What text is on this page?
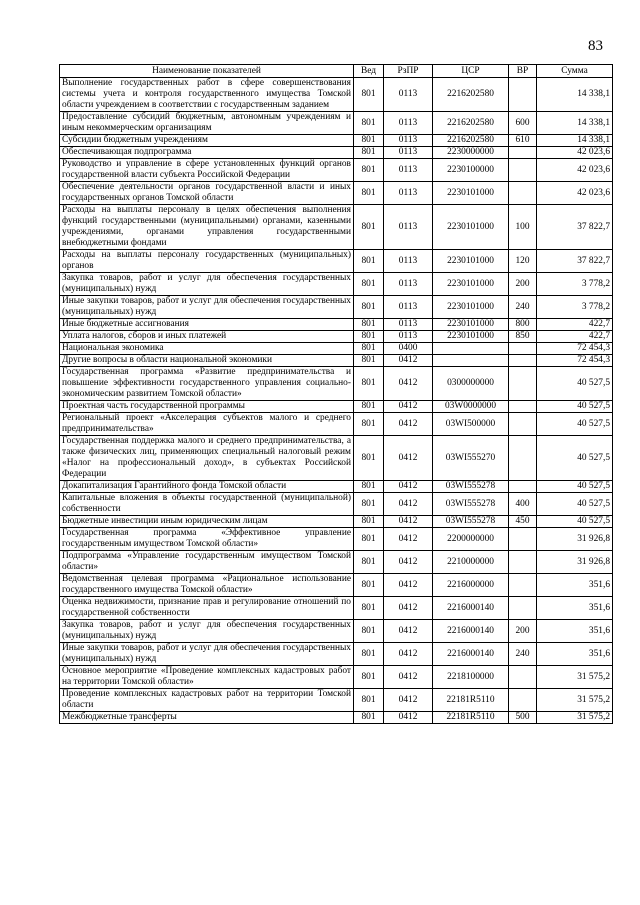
83
Наименование показателей	Вед	РзПР	ЦСР	ВР	Сумма
Выполнение государственных работ в сфере совершенствования системы учета и контроля государственного имущества Томской области учреждением в соответствии с государственным заданием	801	0113	2216202580		14 338,1
Предоставление субсидий бюджетным, автономным учреждениям и иным некоммерческим организациям	801	0113	2216202580	600	14 338,1
Субсидии бюджетным учреждениям	801	0113	2216202580	610	14 338,1
Обеспечивающая подпрограмма	801	0113	2230000000		42 023,6
Руководство и управление в сфере установленных функций органов государственной власти субъекта Российской Федерации	801	0113	2230100000		42 023,6
Обеспечение деятельности органов государственной власти и иных государственных органов Томской области	801	0113	2230101000		42 023,6
Расходы на выплаты персоналу в целях обеспечения выполнения функций государственными (муниципальными) органами, казенными учреждениями, органами управления государственными внебюджетными фондами	801	0113	2230101000	100	37 822,7
Расходы на выплаты персоналу государственных (муниципальных) органов	801	0113	2230101000	120	37 822,7
Закупка товаров, работ и услуг для обеспечения государственных (муниципальных) нужд	801	0113	2230101000	200	3 778,2
Иные закупки товаров, работ и услуг для обеспечения государственных (муниципальных) нужд	801	0113	2230101000	240	3 778,2
Иные бюджетные ассигнования	801	0113	2230101000	800	422,7
Уплата налогов, сборов и иных платежей	801	0113	2230101000	850	422,7
Национальная экономика	801	0400			72 454,3
Другие вопросы в области национальной экономики	801	0412			72 454,3
Государственная программа «Развитие предпринимательства и повышение эффективности государственного управления социально-экономическим развитием Томской области»	801	0412	0300000000		40 527,5
Проектная часть государственной программы	801	0412	03W0000000		40 527,5
Региональный проект «Акселерация субъектов малого и среднего предпринимательства»	801	0412	03WI500000		40 527,5
Государственная поддержка малого и среднего предпринимательства, а также физических лиц, применяющих специальный налоговый режим «Налог на профессиональный доход», в субъектах Российской Федерации	801	0412	03WI555270		40 527,5
Докапитализация Гарантийного фонда Томской области	801	0412	03WI555278		40 527,5
Капитальные вложения в объекты государственной (муниципальной) собственности	801	0412	03WI555278	400	40 527,5
Бюджетные инвестиции иным юридическим лицам	801	0412	03WI555278	450	40 527,5
Государственная программа «Эффективное управление государственным имуществом Томской области»	801	0412	2200000000		31 926,8
Подпрограмма «Управление государственным имуществом Томской области»	801	0412	2210000000		31 926,8
Ведомственная целевая программа «Рациональное использование государственного имущества Томской области»	801	0412	2216000000		351,6
Оценка недвижимости, признание прав и регулирование отношений по государственной собственности	801	0412	2216000140		351,6
Закупка товаров, работ и услуг для обеспечения государственных (муниципальных) нужд	801	0412	2216000140	200	351,6
Иные закупки товаров, работ и услуг для обеспечения государственных (муниципальных) нужд	801	0412	2216000140	240	351,6
Основное мероприятие «Проведение комплексных кадастровых работ на территории Томской области»	801	0412	2218100000		31 575,2
Проведение комплексных кадастровых работ на территории Томской области	801	0412	22181R5110		31 575,2
Межбюджетные трансферты	801	0412	22181R5110	500	31 575,2
